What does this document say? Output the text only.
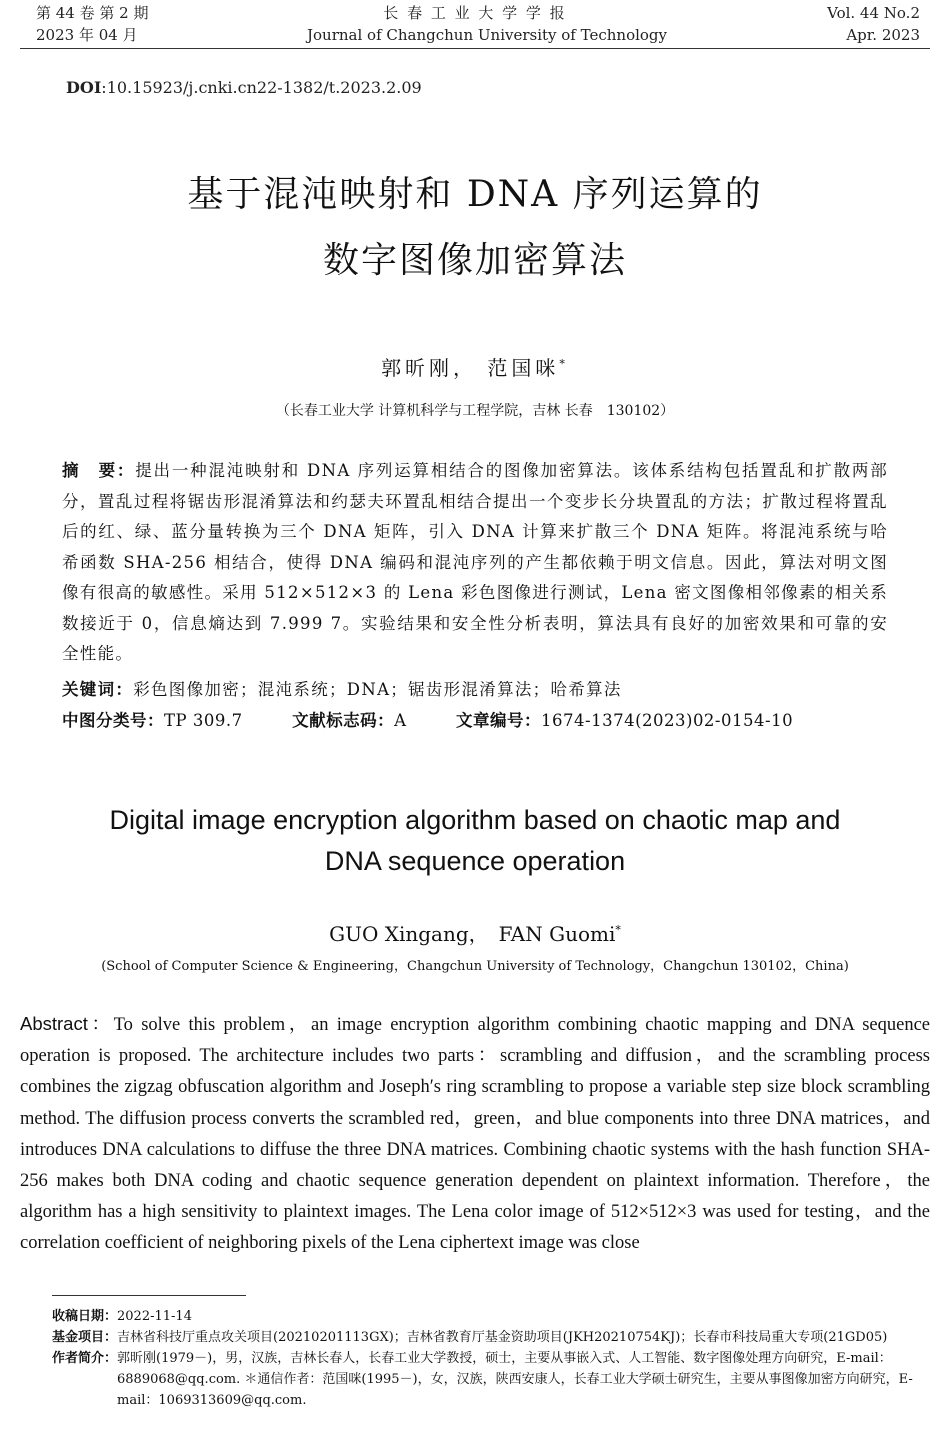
第 44 卷 第 2 期
2023 年 04 月
长 春 工 业 大 学 学 报
Journal of Changchun University of Technology
Vol. 44 No.2
Apr. 2023
DOI:10.15923/j.cnki.cn22-1382/t.2023.2.09
基于混沌映射和 DNA 序列运算的
数字图像加密算法
郭昕刚， 范国咪*
（长春工业大学 计算机科学与工程学院，吉林 长春　130102）
摘　要：提出一种混沌映射和 DNA 序列运算相结合的图像加密算法。该体系结构包括置乱和扩散两部分，置乱过程将锯齿形混淆算法和约瑟夫环置乱相结合提出一个变步长分块置乱的方法；扩散过程将置乱后的红、绿、蓝分量转换为三个 DNA 矩阵，引入 DNA 计算来扩散三个 DNA 矩阵。将混沌系统与哈希函数 SHA-256 相结合，使得 DNA 编码和混沌序列的产生都依赖于明文信息。因此，算法对明文图像有很高的敏感性。采用 512×512×3 的 Lena 彩色图像进行测试，Lena 密文图像相邻像素的相关系数接近于 0，信息熵达到 7.999 7。实验结果和安全性分析表明，算法具有良好的加密效果和可靠的安全性能。
关键词：彩色图像加密；混沌系统；DNA；锯齿形混淆算法；哈希算法
中图分类号：TP 309.7	文献标志码：A	文章编号：1674-1374(2023)02-0154-10
Digital image encryption algorithm based on chaotic map and
DNA sequence operation
GUO Xingang，　FAN Guomi*
(School of Computer Science & Engineering，Changchun University of Technology，Changchun 130102，China)
Abstract：To solve this problem，an image encryption algorithm combining chaotic mapping and DNA sequence operation is proposed. The architecture includes two parts：scrambling and diffusion，and the scrambling process combines the zigzag obfuscation algorithm and Joseph′s ring scrambling to propose a variable step size block scrambling method. The diffusion process converts the scrambled red，green，and blue components into three DNA matrices，and introduces DNA calculations to diffuse the three DNA matrices. Combining chaotic systems with the hash function SHA-256 makes both DNA coding and chaotic sequence generation dependent on plaintext information. Therefore，the algorithm has a high sensitivity to plaintext images. The Lena color image of 512×512×3 was used for testing，and the correlation coefficient of neighboring pixels of the Lena ciphertext image was close
收稿日期： 2022-11-14
基金项目： 吉林省科技厅重点攻关项目(20210201113GX)；吉林省教育厅基金资助项目(JKH20210754KJ)；长春市科技局重大专项(21GD05)
作者简介： 郭昕刚(1979－)，男，汉族，吉林长春人，长春工业大学教授，硕士，主要从事嵌入式、人工智能、数字图像处理方向研究，E-mail：6889068@qq.com. ＊通信作者：范国咪(1995－)，女，汉族，陕西安康人，长春工业大学硕士研究生，主要从事图像加密方向研究，E-mail：1069313609@qq.com.
